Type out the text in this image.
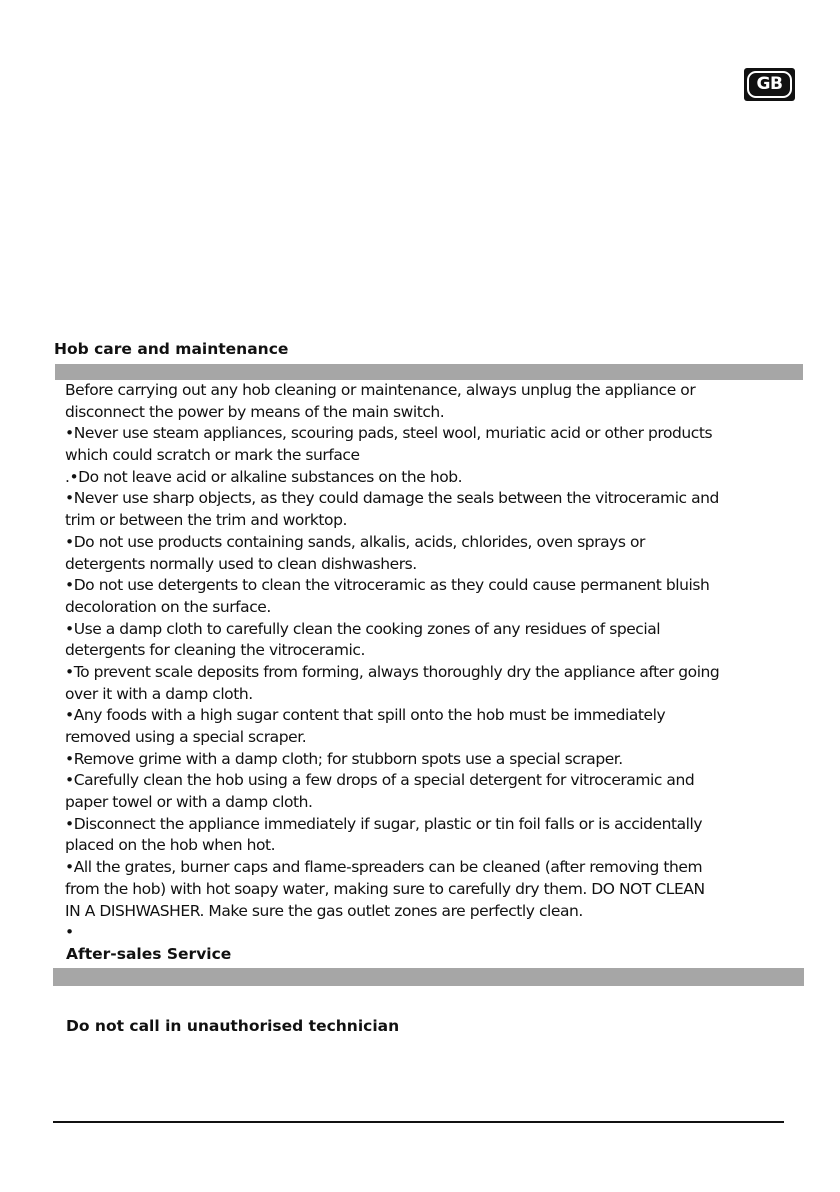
GB
Hob care and maintenance
Before carrying out any hob cleaning or maintenance, always unplug the appliance or
disconnect the power by means of the main switch.
•Never use steam appliances, scouring pads, steel wool, muriatic acid or other products
which could scratch or mark the surface
.•Do not leave acid or alkaline substances on the hob.
•Never use sharp objects, as they could damage the seals between the vitroceramic and
trim or between the trim and worktop.
•Do not use products containing sands, alkalis, acids, chlorides, oven sprays or
detergents normally used to clean dishwashers.
•Do not use detergents to clean the vitroceramic as they could cause permanent bluish
decoloration on the surface.
•Use a damp cloth to carefully clean the cooking zones of any residues of special
detergents for cleaning the vitroceramic.
•To prevent scale deposits from forming, always thoroughly dry the appliance after going
over it with a damp cloth.
•Any foods with a high sugar content that spill onto the hob must be immediately
removed using a special scraper.
•Remove grime with a damp cloth; for stubborn spots use a special scraper.
•Carefully clean the hob using a few drops of a special detergent for vitroceramic and
paper towel or with a damp cloth.
•Disconnect the appliance immediately if sugar, plastic or tin foil falls or is accidentally
placed on the hob when hot.
•All the grates, burner caps and flame-spreaders can be cleaned (after removing them
from the hob) with hot soapy water, making sure to carefully dry them. DO NOT CLEAN
IN A DISHWASHER. Make sure the gas outlet zones are perfectly clean.
•
After-sales Service
Do not call in unauthorised technician
